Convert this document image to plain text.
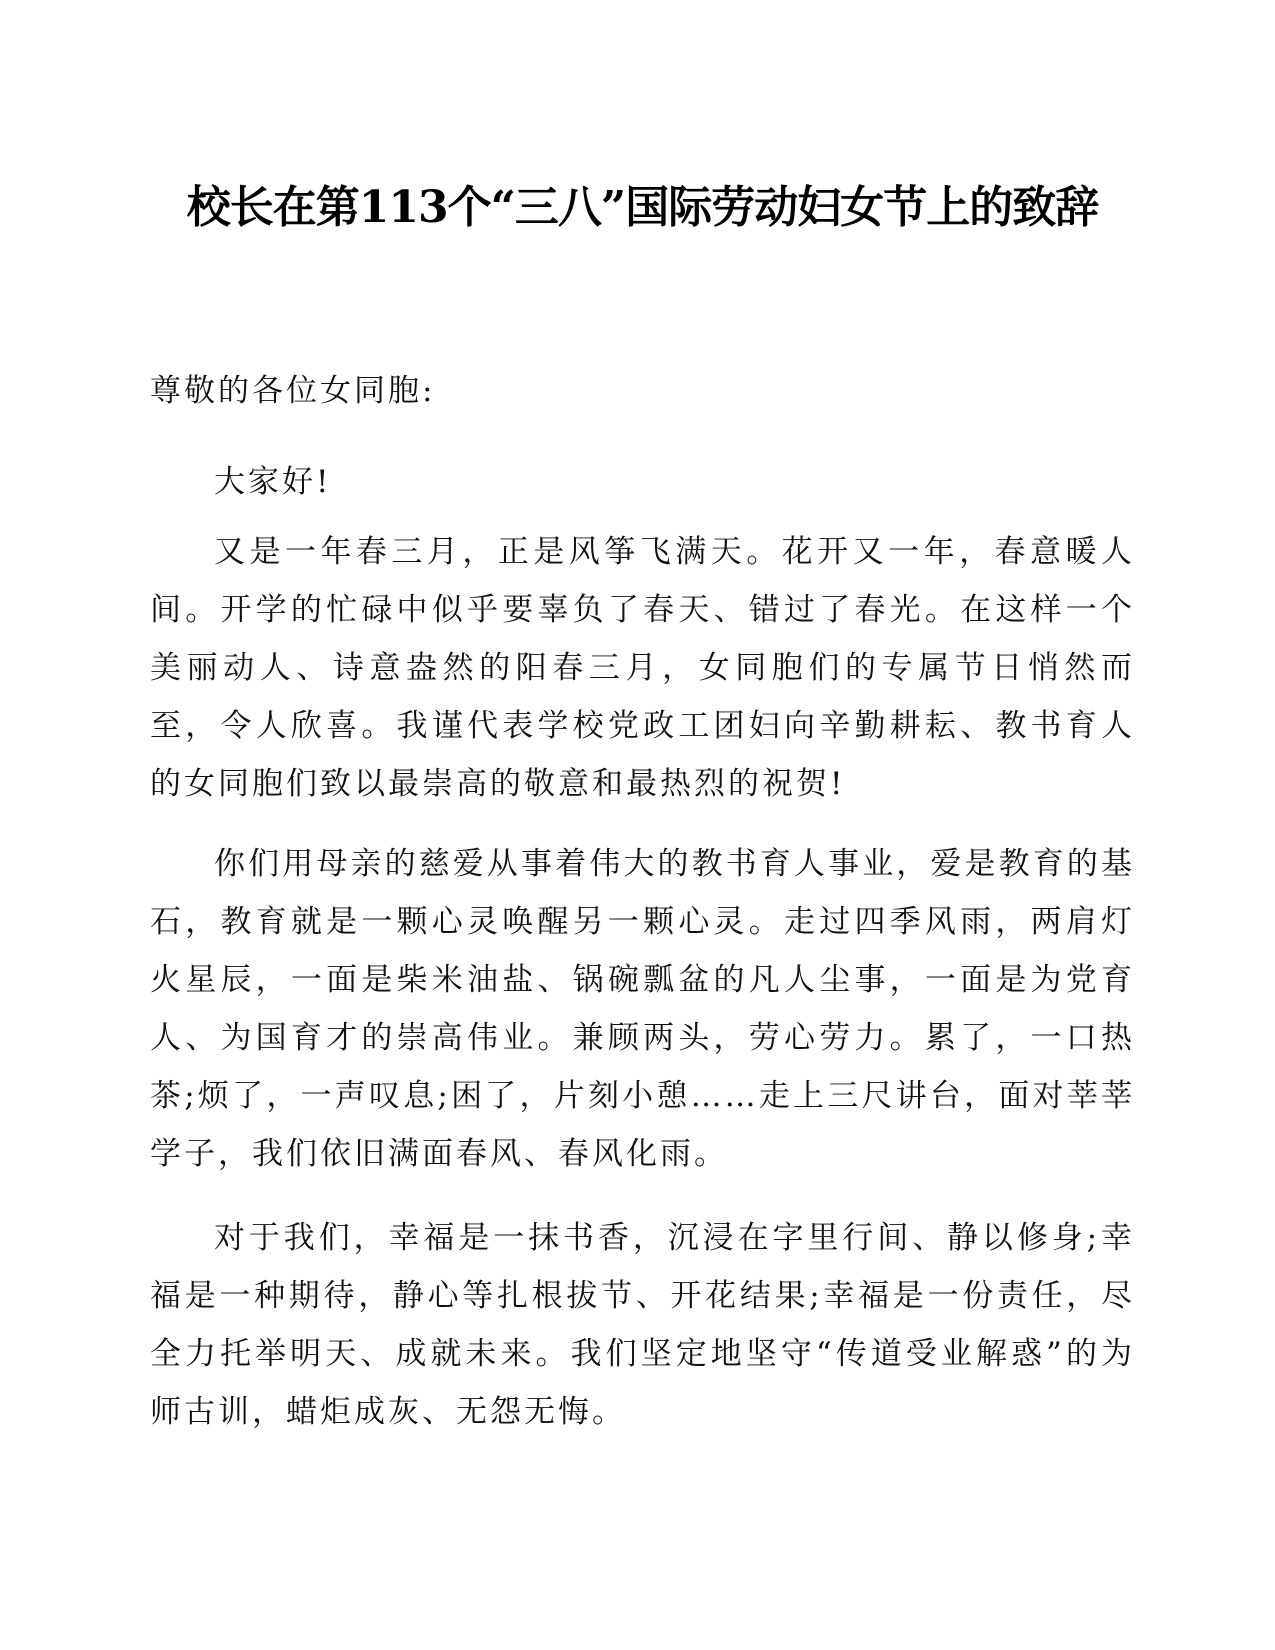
校长在第113个“三八”国际劳动妇女节上的致辞

尊敬的各位女同胞:

大家好!

又是一年春三月，正是风筝飞满天。花开又一年，春意暖人间。开学的忙碌中似乎要辜负了春天、错过了春光。在这样一个美丽动人、诗意盎然的阳春三月，女同胞们的专属节日悄然而至，令人欣喜。我谨代表学校党政工团妇向辛勤耕耘、教书育人的女同胞们致以最崇高的敬意和最热烈的祝贺!

你们用母亲的慈爱从事着伟大的教书育人事业，爱是教育的基石，教育就是一颗心灵唤醒另一颗心灵。走过四季风雨，两肩灯火星辰，一面是柴米油盐、锅碗瓢盆的凡人尘事，一面是为党育人、为国育才的崇高伟业。兼顾两头，劳心劳力。累了，一口热茶;烦了，一声叹息;困了，片刻小憩……走上三尺讲台，面对莘莘学子，我们依旧满面春风、春风化雨。

对于我们，幸福是一抹书香，沉浸在字里行间、静以修身;幸福是一种期待，静心等扎根拔节、开花结果;幸福是一份责任，尽全力托举明天、成就未来。我们坚定地坚守“传道受业解惑”的为师古训，蜡炬成灰、无怨无悔。
